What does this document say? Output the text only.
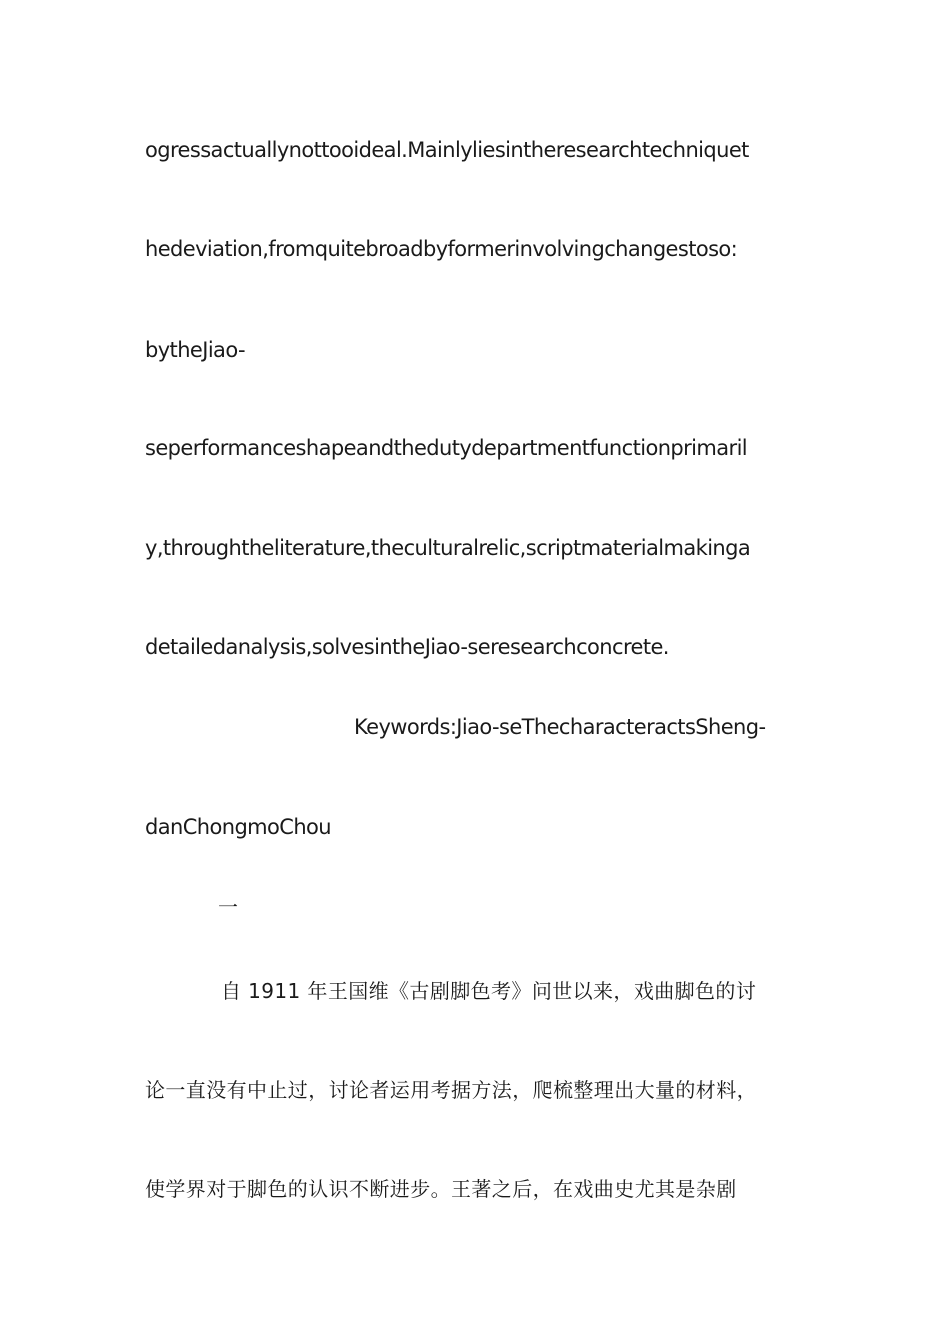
ogressactuallynottooideal.Mainlyliesintheresearchtechniquet
hedeviation,fromquitebroadbyformerinvolvingchangestoso:
bytheJiao-
seperformanceshapeandthedutydepartmentfunctionprimaril
y,throughtheliterature,theculturalrelic,scriptmaterialmakinga
detailedanalysis,solvesintheJiao-seresearchconcrete.
Keywords:Jiao-seThecharacteractsSheng-
danChongmoChou
一
自 1911 年王国维《古剧脚色考》问世以来，戏曲脚色的讨
论一直没有中止过，讨论者运用考据方法，爬梳整理出大量的材料，
使学界对于脚色的认识不断进步。王著之后，在戏曲史尤其是杂剧
